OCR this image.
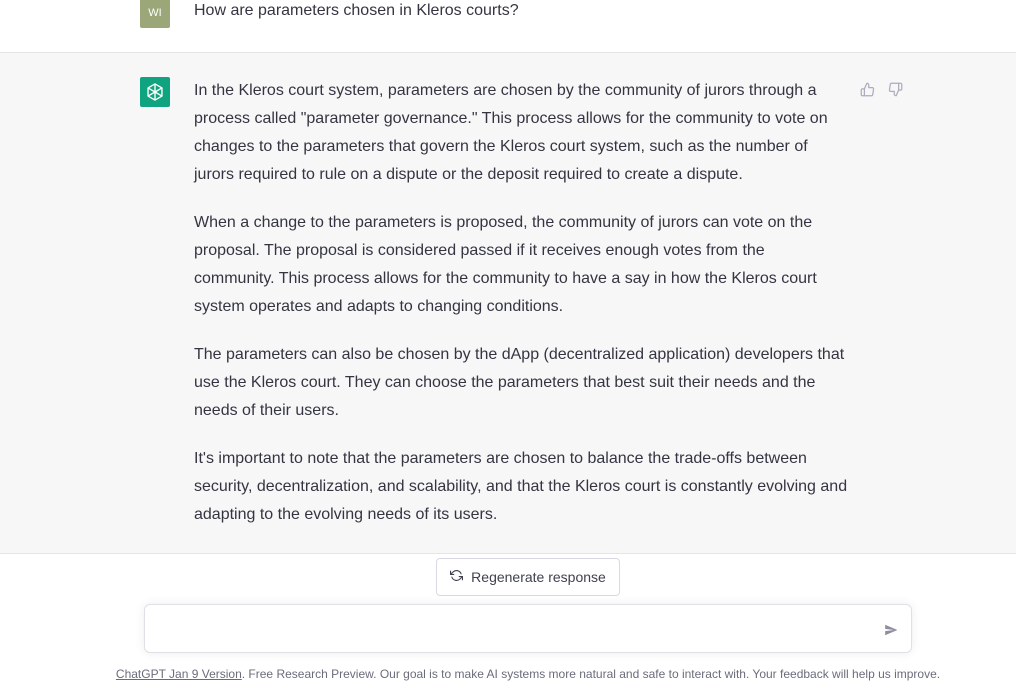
WI	How are parameters chosen in Kleros courts?

In the Kleros court system, parameters are chosen by the community of jurors through a process called "parameter governance." This process allows for the community to vote on changes to the parameters that govern the Kleros court system, such as the number of jurors required to rule on a dispute or the deposit required to create a dispute.

When a change to the parameters is proposed, the community of jurors can vote on the proposal. The proposal is considered passed if it receives enough votes from the community. This process allows for the community to have a say in how the Kleros court system operates and adapts to changing conditions.

The parameters can also be chosen by the dApp (decentralized application) developers that use the Kleros court. They can choose the parameters that best suit their needs and the needs of their users.

It's important to note that the parameters are chosen to balance the trade-offs between security, decentralization, and scalability, and that the Kleros court is constantly evolving and adapting to the evolving needs of its users.

Regenerate response
ChatGPT Jan 9 Version. Free Research Preview. Our goal is to make AI systems more natural and safe to interact with. Your feedback will help us improve.
